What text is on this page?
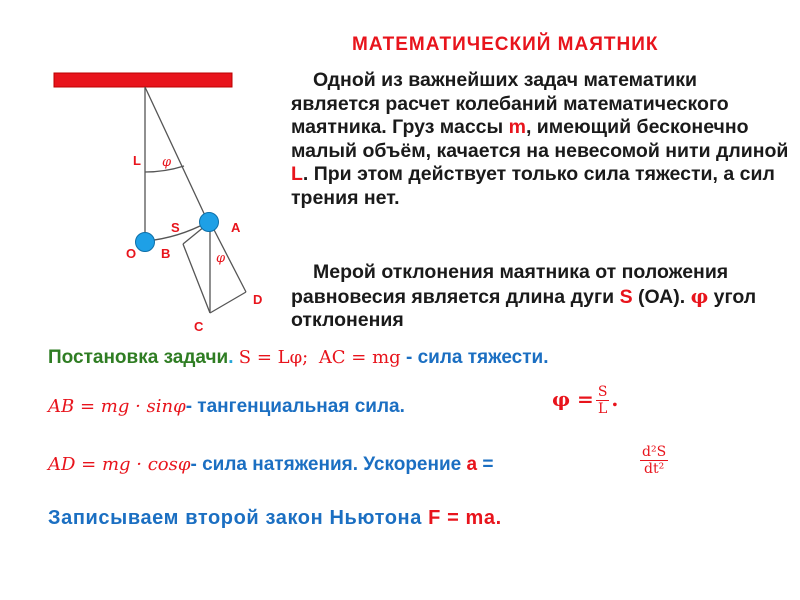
МАТЕМАТИЧЕСКИЙ МАЯТНИК
L
S	A
O B
D
C
φ
φ
Одной из важнейших задач математики является расчет колебаний математического маятника. Груз массы m, имеющий бесконечно малый объём, качается на невесомой нити длиной L. При этом действует только сила тяжести, а сил трения нет.
Мерой отклонения маятника от положения равновесия является длина дуги S (ОА). φ угол отклонения
Постановка задачи. S = Lφ; AC = mg - сила тяжести.
AB = mg · sinφ- тангенциальная сила.	$\varphi = \frac{S}{L}$ .
AD = mg · cosφ- сила натяжения. Ускорение a =	$\frac{\text{d²S}}{\text{dt²}}$
Записываем второй закон Ньютона F = ma.
